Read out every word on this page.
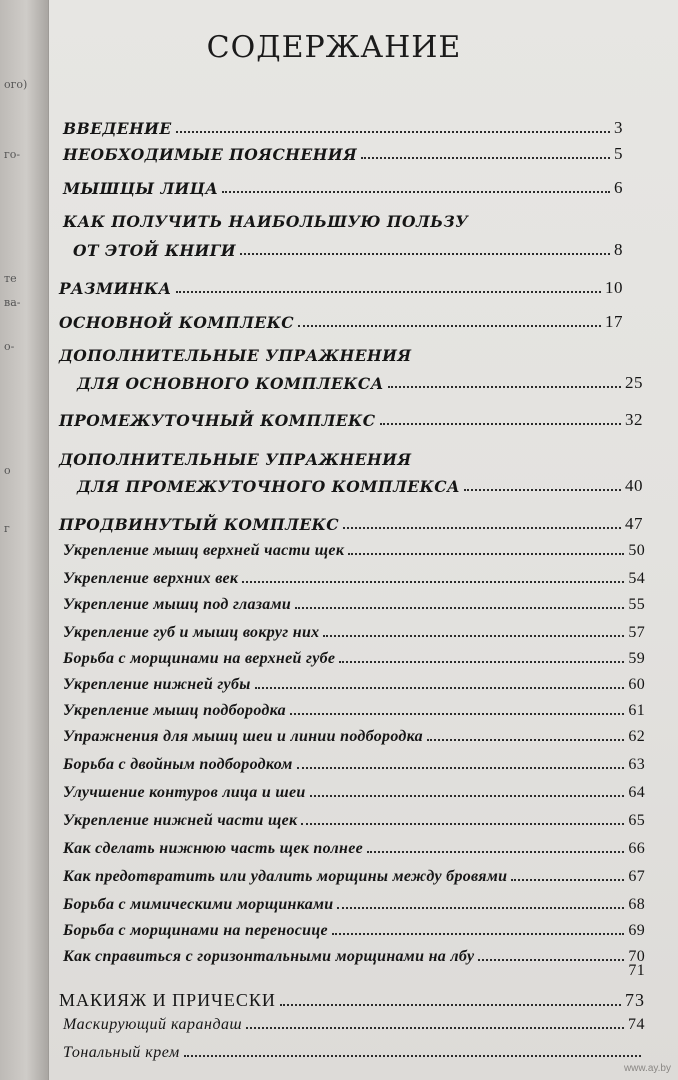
ого)
го-
те
ва-
о-
о
г
СОДЕРЖАНИЕ
ВВЕДЕНИЕ	3
НЕОБХОДИМЫЕ ПОЯСНЕНИЯ	5
МЫШЦЫ ЛИЦА	6
КАК ПОЛУЧИТЬ НАИБОЛЬШУЮ ПОЛЬЗУ
ОТ ЭТОЙ КНИГИ	8
РАЗМИНКА	10
ОСНОВНОЙ КОМПЛЕКС	17
ДОПОЛНИТЕЛЬНЫЕ УПРАЖНЕНИЯ
ДЛЯ ОСНОВНОГО КОМПЛЕКСА	25
ПРОМЕЖУТОЧНЫЙ КОМПЛЕКС	32
ДОПОЛНИТЕЛЬНЫЕ УПРАЖНЕНИЯ
ДЛЯ ПРОМЕЖУТОЧНОГО КОМПЛЕКСА	40
ПРОДВИНУТЫЙ КОМПЛЕКС	47
Укрепление мышц верхней части щек	50
Укрепление верхних век	54
Укрепление мышц под глазами	55
Укрепление губ и мышц вокруг них	57
Борьба с морщинами на верхней губе	59
Укрепление нижней губы	60
Укрепление мышц подбородка	61
Упражнения для мышц шеи и линии подбородка	62
Борьба с двойным подбородком	63
Улучшение контуров лица и шеи	64
Укрепление нижней части щек	65
Как сделать нижнюю часть щек полнее	66
Как предотвратить или удалить морщины между бровями	67
Борьба с мимическими морщинками	68
Борьба с морщинами на переносице	69
Как справиться с горизонтальными морщинами на лбу	70
71
МАКИЯЖ И ПРИЧЕСКИ	73
Маскирующий карандаш	74
Тональный крем
www.ay.by
